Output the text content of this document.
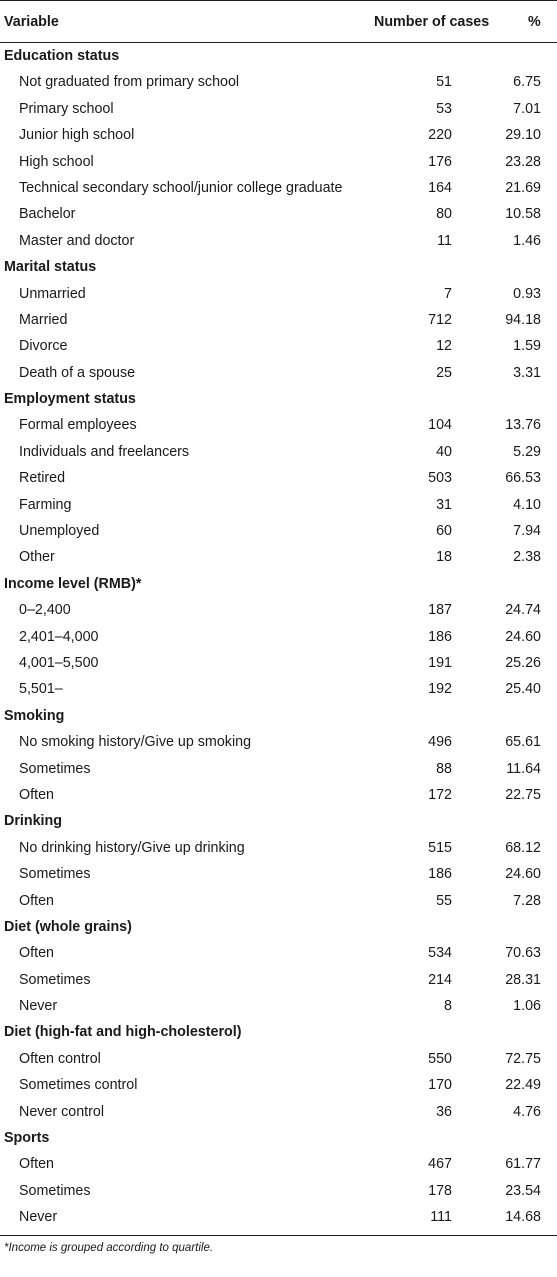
Variable	Number of cases	%
Education status
Not graduated from primary school	51	6.75
Primary school	53	7.01
Junior high school	220	29.10
High school	176	23.28
Technical secondary school/junior college graduate	164	21.69
Bachelor	80	10.58
Master and doctor	11	1.46
Marital status
Unmarried	7	0.93
Married	712	94.18
Divorce	12	1.59
Death of a spouse	25	3.31
Employment status
Formal employees	104	13.76
Individuals and freelancers	40	5.29
Retired	503	66.53
Farming	31	4.10
Unemployed	60	7.94
Other	18	2.38
Income level (RMB)*
0–2,400	187	24.74
2,401–4,000	186	24.60
4,001–5,500	191	25.26
5,501–	192	25.40
Smoking
No smoking history/Give up smoking	496	65.61
Sometimes	88	11.64
Often	172	22.75
Drinking
No drinking history/Give up drinking	515	68.12
Sometimes	186	24.60
Often	55	7.28
Diet (whole grains)
Often	534	70.63
Sometimes	214	28.31
Never	8	1.06
Diet (high-fat and high-cholesterol)
Often control	550	72.75
Sometimes control	170	22.49
Never control	36	4.76
Sports
Often	467	61.77
Sometimes	178	23.54
Never	111	14.68
*Income is grouped according to quartile.
